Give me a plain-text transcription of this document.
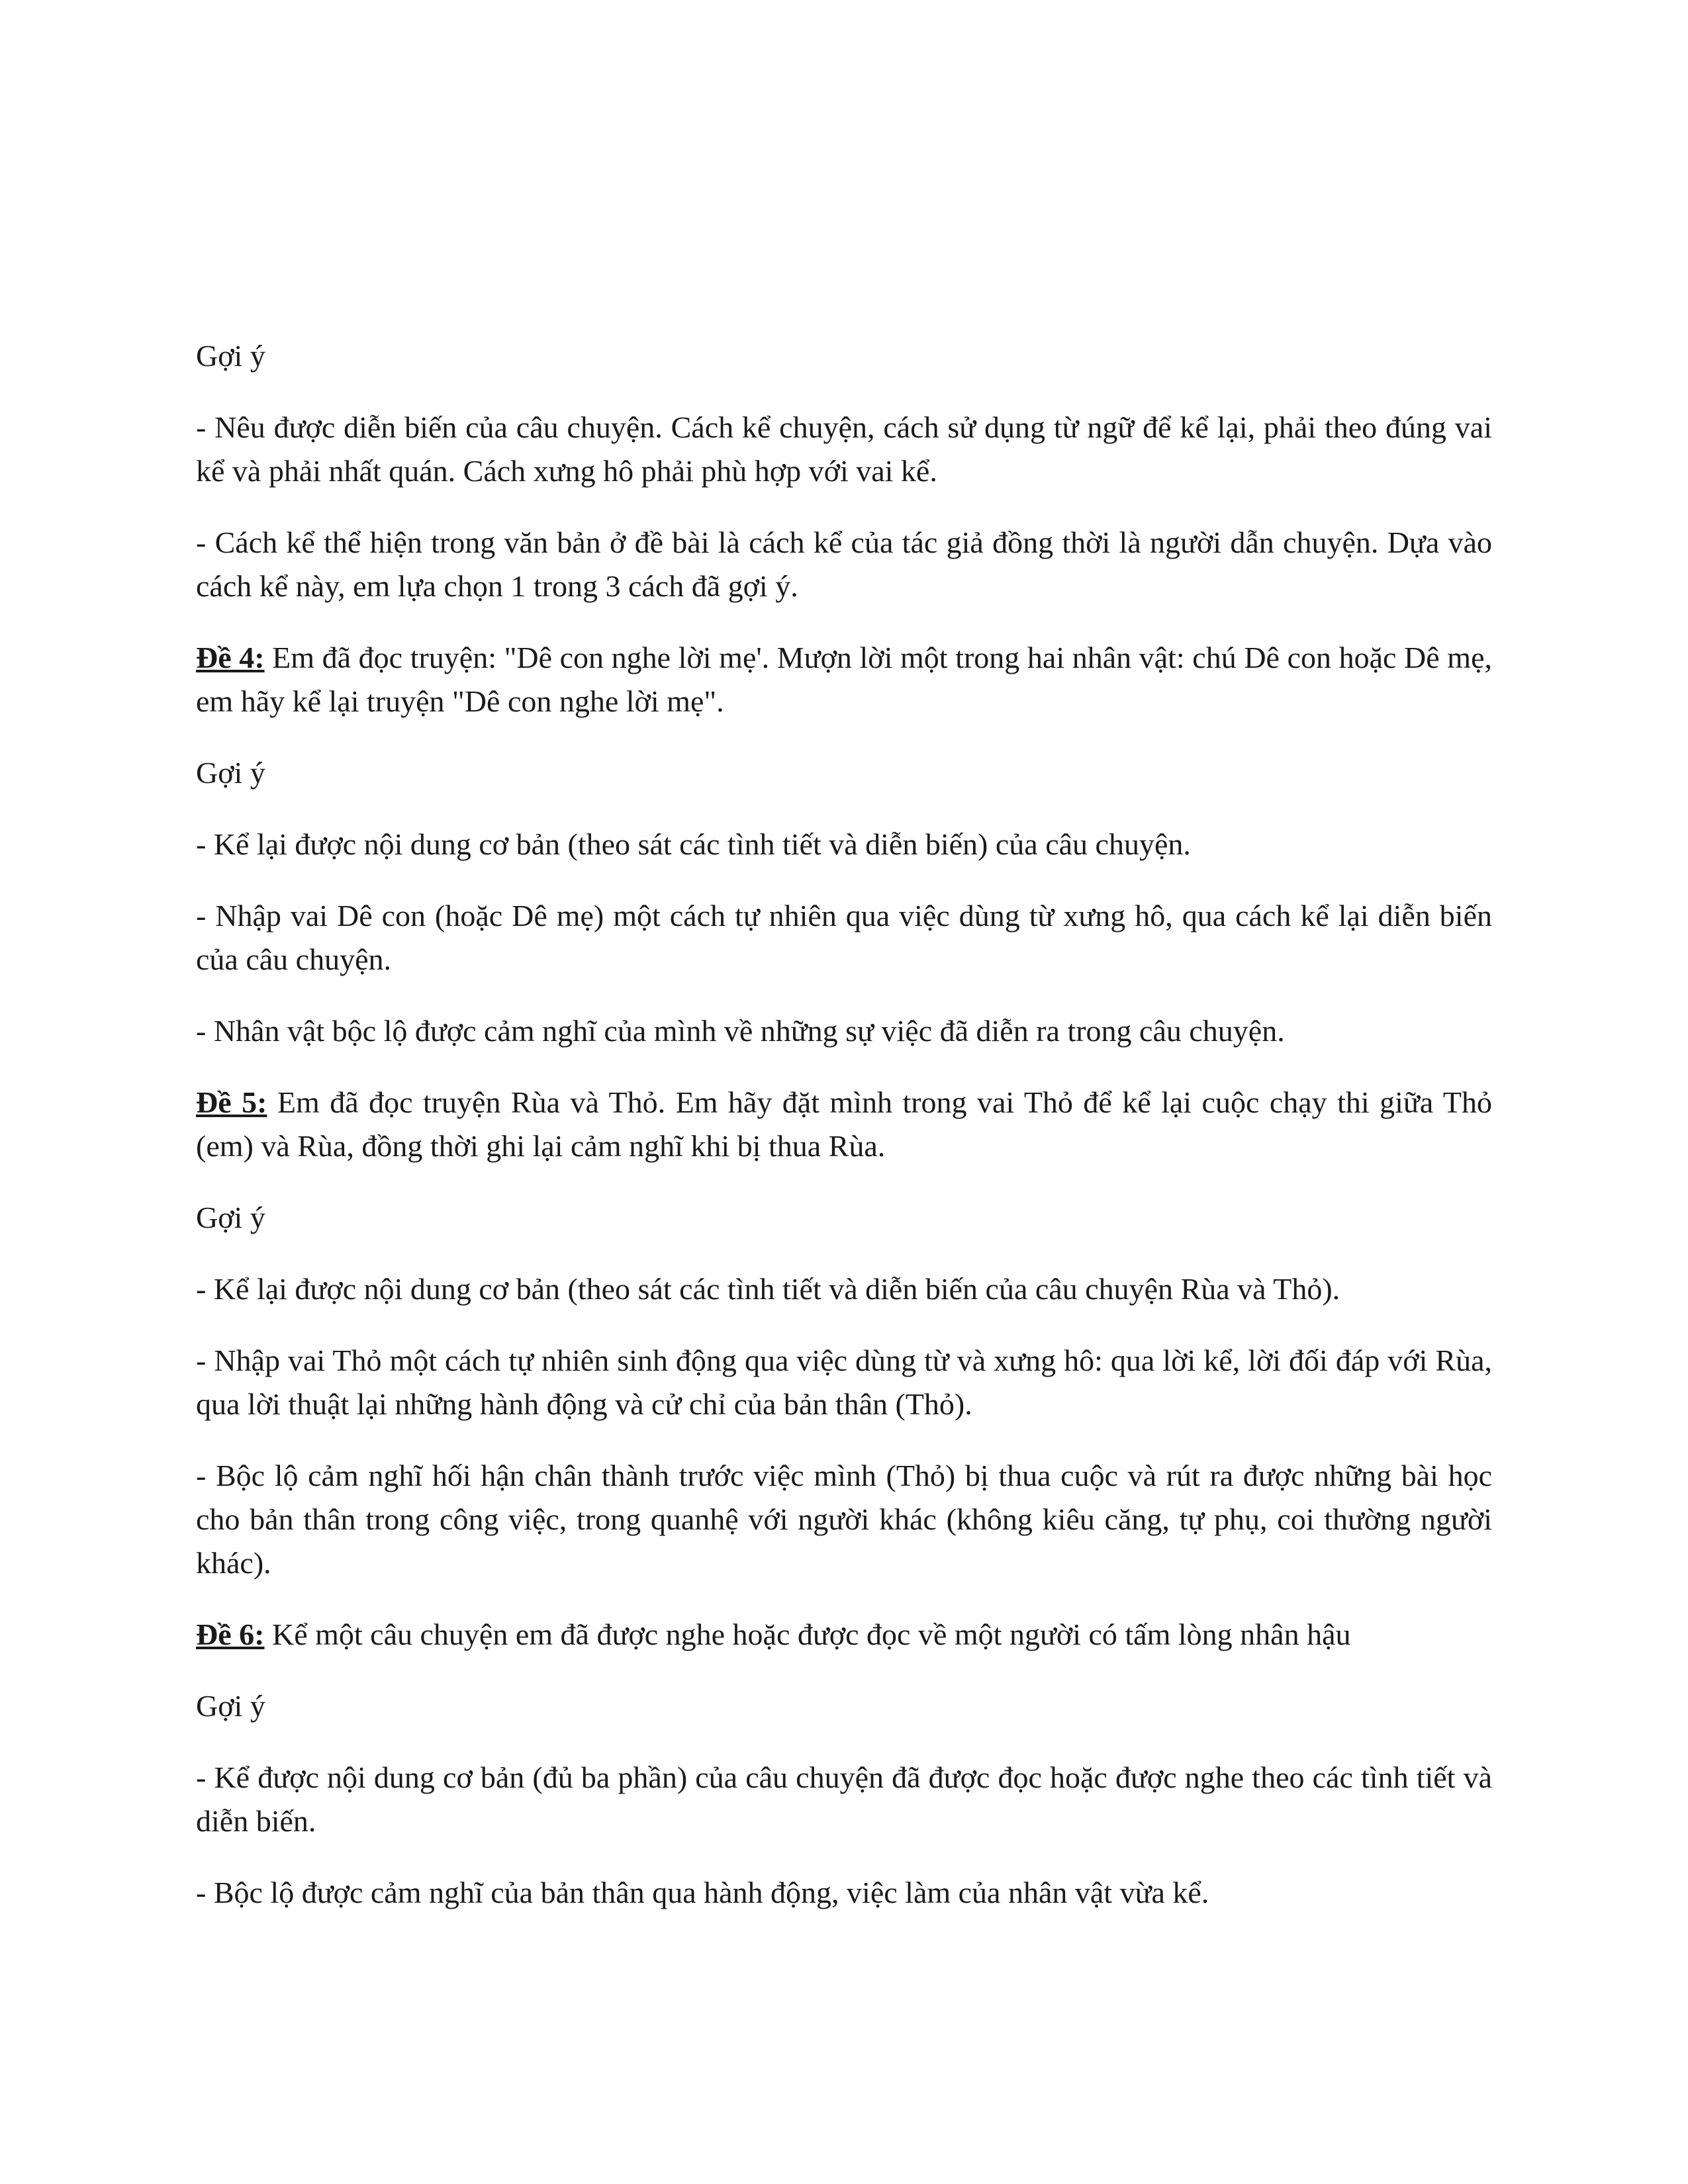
Gợi ý

- Nêu được diễn biến của câu chuyện. Cách kể chuyện, cách sử dụng từ ngữ để kể lại, phải theo đúng vai kể và phải nhất quán. Cách xưng hô phải phù hợp với vai kể.

- Cách kể thể hiện trong văn bản ở đề bài là cách kể của tác giả đồng thời là người dẫn chuyện. Dựa vào cách kể này, em lựa chọn 1 trong 3 cách đã gợi ý.

Đề 4: Em đã đọc truyện: "Dê con nghe lời mẹ'. Mượn lời một trong hai nhân vật: chú Dê con hoặc Dê mẹ, em hãy kể lại truyện "Dê con nghe lời mẹ".

Gợi ý

- Kể lại được nội dung cơ bản (theo sát các tình tiết và diễn biến) của câu chuyện.

- Nhập vai Dê con (hoặc Dê mẹ) một cách tự nhiên qua việc dùng từ xưng hô, qua cách kể lại diễn biến của câu chuyện.

- Nhân vật bộc lộ được cảm nghĩ của mình về những sự việc đã diễn ra trong câu chuyện.

Đề 5: Em đã đọc truyện Rùa và Thỏ. Em hãy đặt mình trong vai Thỏ để kể lại cuộc chạy thi giữa Thỏ (em) và Rùa, đồng thời ghi lại cảm nghĩ khi bị thua Rùa.

Gợi ý

- Kể lại được nội dung cơ bản (theo sát các tình tiết và diễn biến của câu chuyện Rùa và Thỏ).

- Nhập vai Thỏ một cách tự nhiên sinh động qua việc dùng từ và xưng hô: qua lời kể, lời đối đáp với Rùa, qua lời thuật lại những hành động và cử chỉ của bản thân (Thỏ).

- Bộc lộ cảm nghĩ hối hận chân thành trước việc mình (Thỏ) bị thua cuộc và rút ra được những bài học cho bản thân trong công việc, trong quanhệ với người khác (không kiêu căng, tự phụ, coi thường người khác).

Đề 6: Kể một câu chuyện em đã được nghe hoặc được đọc về một người có tấm lòng nhân hậu

Gợi ý

- Kể được nội dung cơ bản (đủ ba phần) của câu chuyện đã được đọc hoặc được nghe theo các tình tiết và diễn biến.

- Bộc lộ được cảm nghĩ của bản thân qua hành động, việc làm của nhân vật vừa kể.
